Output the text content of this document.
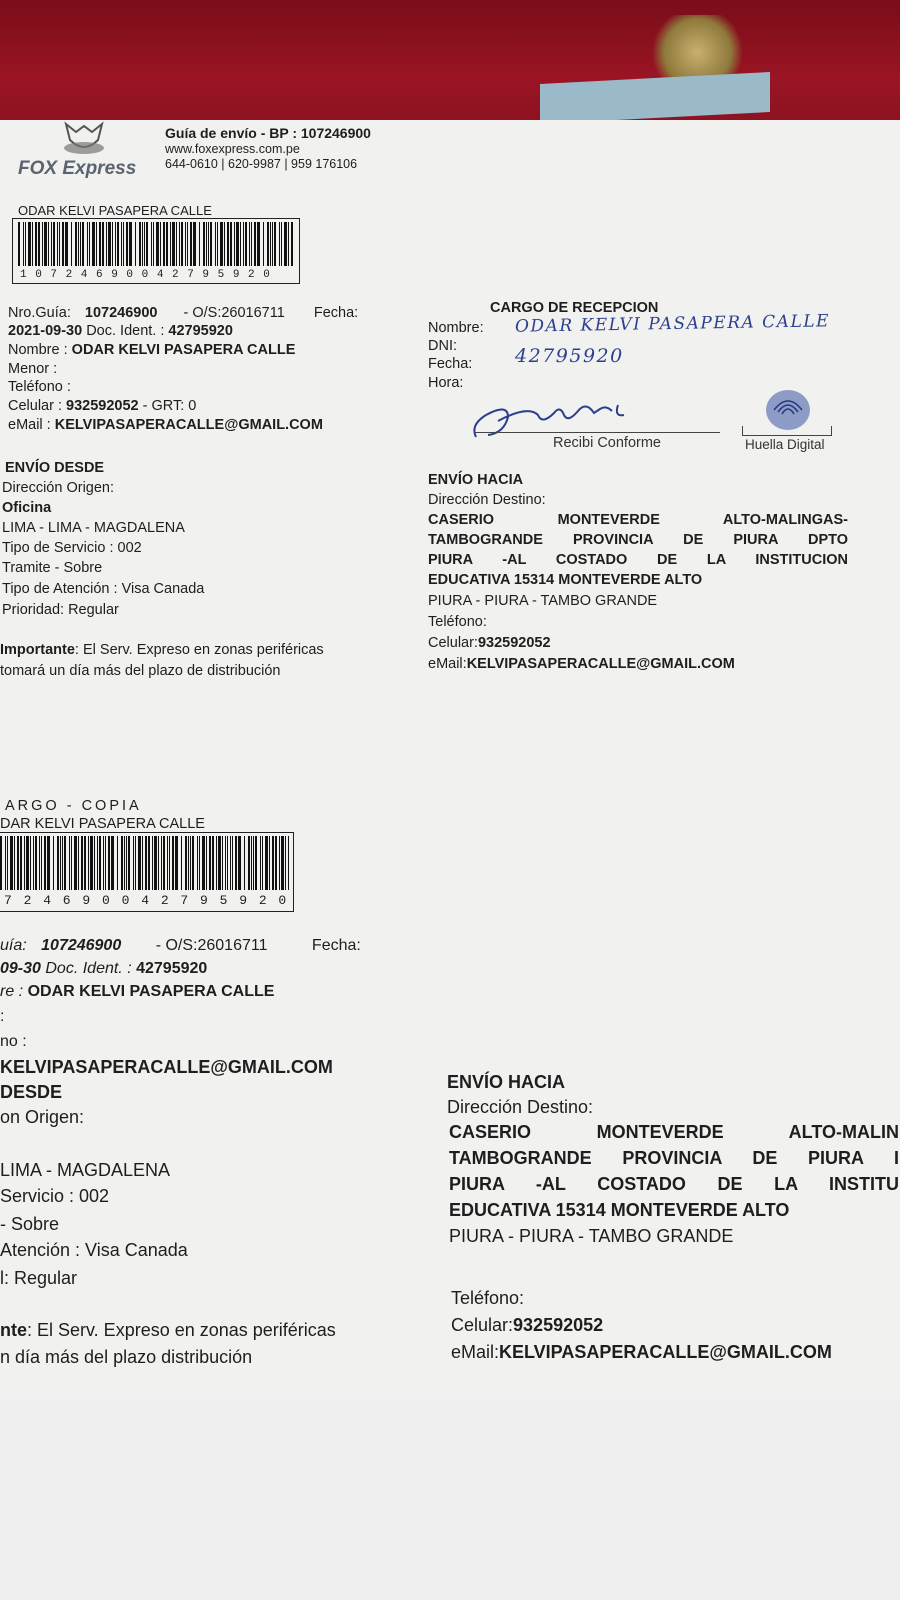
FOX Express
Guía de envío - BP : 107246900
www.foxexpress.com.pe
644-0610 | 620-9987 | 959 176106
ODAR KELVI PASAPERA CALLE
1 0 7 2 4 6 9 0 0 4 2 7 9 5 9 2 0
Nro.Guía: 107246900 - O/S:26016711 Fecha:
2021-09-30 Doc. Ident. : 42795920
Nombre : ODAR KELVI PASAPERA CALLE
Menor :
Teléfono :
Celular : 932592052 - GRT: 0
eMail : KELVIPASAPERACALLE@GMAIL.COM
CARGO DE RECEPCION
Nombre: ODAR KELVI PASAPERA CALLE
DNI:	42795920
Fecha:
Hora:
Recibi Conforme	Huella Digital
ENVÍO DESDE
Dirección Origen:
Oficina
LIMA - LIMA - MAGDALENA
Tipo de Servicio : 002
Tramite - Sobre
Tipo de Atención : Visa Canada
Prioridad: Regular
Importante: El Serv. Expreso en zonas periféricas
tomará un día más del plazo de distribución
ENVÍO HACIA
Dirección Destino:
CASERIO MONTEVERDE ALTO-MALINGAS-
TAMBOGRANDE PROVINCIA DE PIURA DPTO
PIURA -AL COSTADO DE LA INSTITUCION
EDUCATIVA 15314 MONTEVERDE ALTO
PIURA - PIURA - TAMBO GRANDE
Teléfono:
Celular:932592052
eMail:KELVIPASAPERACALLE@GMAIL.COM
ARGO - COPIA
DAR KELVI PASAPERA CALLE
7 2 4 6 9 0 0 4 2 7 9 5 9 2 0
uía: 107246900 - O/S:26016711	Fecha:
09-30 Doc. Ident. : 42795920
re : ODAR KELVI PASAPERA CALLE
:
no :
KELVIPASAPERACALLE@GMAIL.COM
DESDE
on Origen:
LIMA - MAGDALENA
Servicio : 002
- Sobre
Atención : Visa Canada
l: Regular
nte: El Serv. Expreso en zonas periféricas
n día más del plazo distribución
ENVÍO HACIA
Dirección Destino:
CASERIO MONTEVERDE ALTO-MALIN
TAMBOGRANDE PROVINCIA DE PIURA I
PIURA -AL COSTADO DE LA INSTITU
EDUCATIVA 15314 MONTEVERDE ALTO
PIURA - PIURA - TAMBO GRANDE
Teléfono:
Celular:932592052
eMail:KELVIPASAPERACALLE@GMAIL.COM
